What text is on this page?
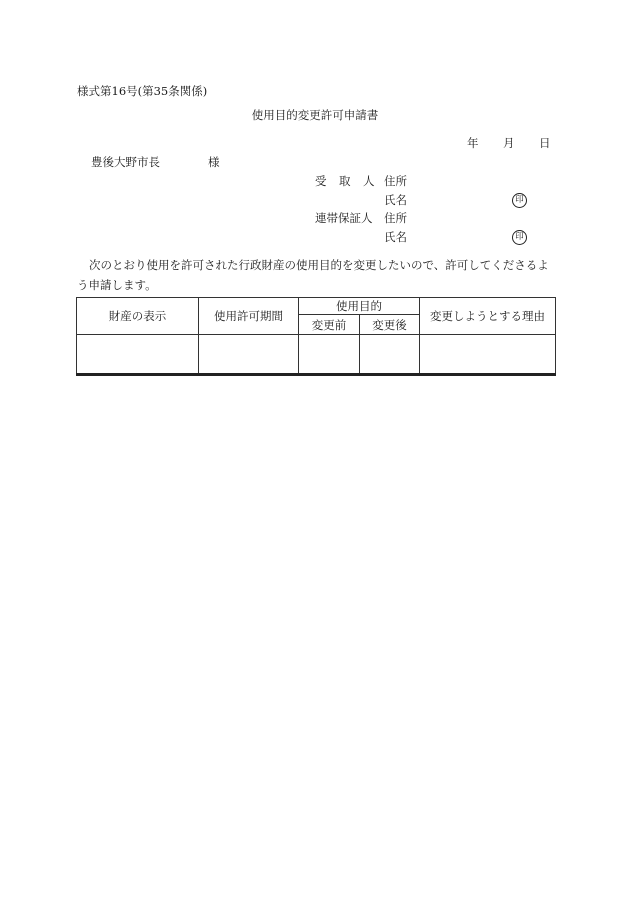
様式第16号(第35条関係)
使用目的変更許可申請書
年 月 日
豊後大野市長	様
受 取 人 住所
氏名	印
連帯保証人 住所
氏名	印
次のとおり使用を許可された行政財産の使用目的を変更したいので、許可してくださるよう申請します。
財産の表示	使用許可期間	使用目的		変更しようとする理由
		変更前	変更後	
